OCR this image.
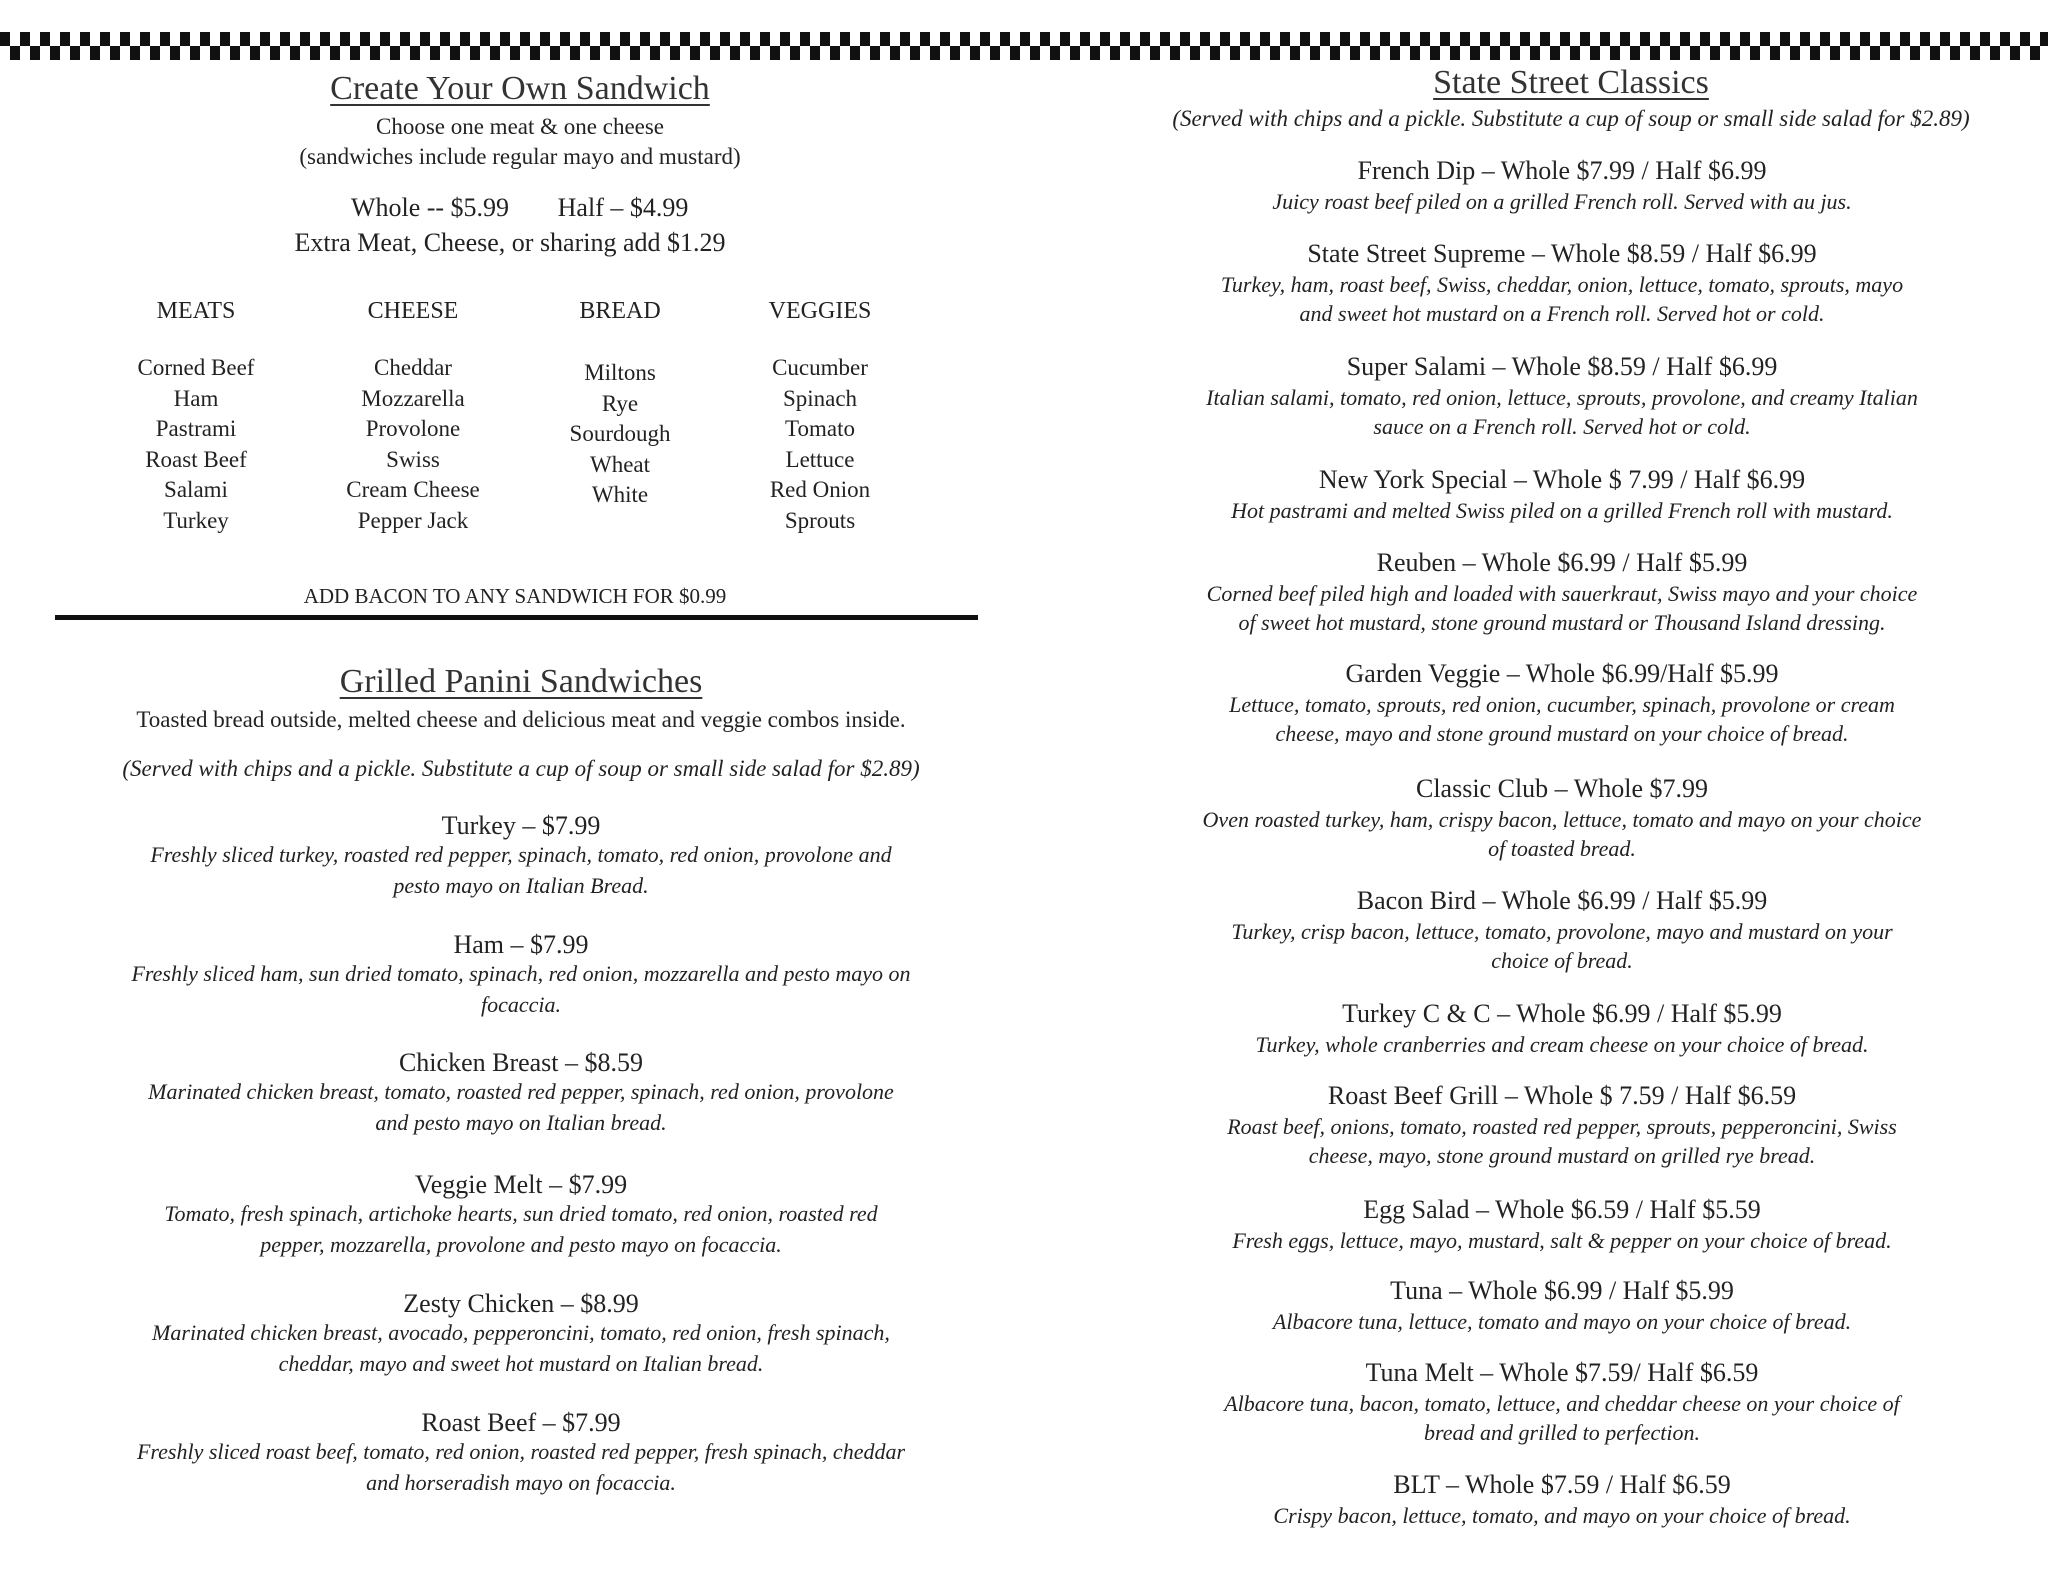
Create Your Own Sandwich
Choose one meat & one cheese
(sandwiches include regular mayo and mustard)
Whole -- $5.99 Half – $4.99
Extra Meat, Cheese, or sharing add $1.29
MEATS
Corned Beef
Ham
Pastrami
Roast Beef
Salami
Turkey
CHEESE
Cheddar
Mozzarella
Provolone
Swiss
Cream Cheese
Pepper Jack
BREAD
Miltons
Rye
Sourdough
Wheat
White
VEGGIES
Cucumber
Spinach
Tomato
Lettuce
Red Onion
Sprouts
ADD BACON TO ANY SANDWICH FOR $0.99
Grilled Panini Sandwiches
Toasted bread outside, melted cheese and delicious meat and veggie combos inside.
(Served with chips and a pickle. Substitute a cup of soup or small side salad for $2.89)
Turkey – $7.99
Freshly sliced turkey, roasted red pepper, spinach, tomato, red onion, provolone and
pesto mayo on Italian Bread.
Ham – $7.99
Freshly sliced ham, sun dried tomato, spinach, red onion, mozzarella and pesto mayo on
focaccia.
Chicken Breast – $8.59
Marinated chicken breast, tomato, roasted red pepper, spinach, red onion, provolone
and pesto mayo on Italian bread.
Veggie Melt – $7.99
Tomato, fresh spinach, artichoke hearts, sun dried tomato, red onion, roasted red
pepper, mozzarella, provolone and pesto mayo on focaccia.
Zesty Chicken – $8.99
Marinated chicken breast, avocado, pepperoncini, tomato, red onion, fresh spinach,
cheddar, mayo and sweet hot mustard on Italian bread.
Roast Beef – $7.99
Freshly sliced roast beef, tomato, red onion, roasted red pepper, fresh spinach, cheddar
and horseradish mayo on focaccia.
State Street Classics
(Served with chips and a pickle. Substitute a cup of soup or small side salad for $2.89)
French Dip – Whole $7.99 / Half $6.99
Juicy roast beef piled on a grilled French roll. Served with au jus.
State Street Supreme – Whole $8.59 / Half $6.99
Turkey, ham, roast beef, Swiss, cheddar, onion, lettuce, tomato, sprouts, mayo
and sweet hot mustard on a French roll. Served hot or cold.
Super Salami – Whole $8.59 / Half $6.99
Italian salami, tomato, red onion, lettuce, sprouts, provolone, and creamy Italian
sauce on a French roll. Served hot or cold.
New York Special – Whole $ 7.99 / Half $6.99
Hot pastrami and melted Swiss piled on a grilled French roll with mustard.
Reuben – Whole $6.99 / Half $5.99
Corned beef piled high and loaded with sauerkraut, Swiss mayo and your choice
of sweet hot mustard, stone ground mustard or Thousand Island dressing.
Garden Veggie – Whole $6.99/Half $5.99
Lettuce, tomato, sprouts, red onion, cucumber, spinach, provolone or cream
cheese, mayo and stone ground mustard on your choice of bread.
Classic Club – Whole $7.99
Oven roasted turkey, ham, crispy bacon, lettuce, tomato and mayo on your choice
of toasted bread.
Bacon Bird – Whole $6.99 / Half $5.99
Turkey, crisp bacon, lettuce, tomato, provolone, mayo and mustard on your
choice of bread.
Turkey C & C – Whole $6.99 / Half $5.99
Turkey, whole cranberries and cream cheese on your choice of bread.
Roast Beef Grill – Whole $ 7.59 / Half $6.59
Roast beef, onions, tomato, roasted red pepper, sprouts, pepperoncini, Swiss
cheese, mayo, stone ground mustard on grilled rye bread.
Egg Salad – Whole $6.59 / Half $5.59
Fresh eggs, lettuce, mayo, mustard, salt & pepper on your choice of bread.
Tuna – Whole $6.99 / Half $5.99
Albacore tuna, lettuce, tomato and mayo on your choice of bread.
Tuna Melt – Whole $7.59/ Half $6.59
Albacore tuna, bacon, tomato, lettuce, and cheddar cheese on your choice of
bread and grilled to perfection.
BLT – Whole $7.59 / Half $6.59
Crispy bacon, lettuce, tomato, and mayo on your choice of bread.
